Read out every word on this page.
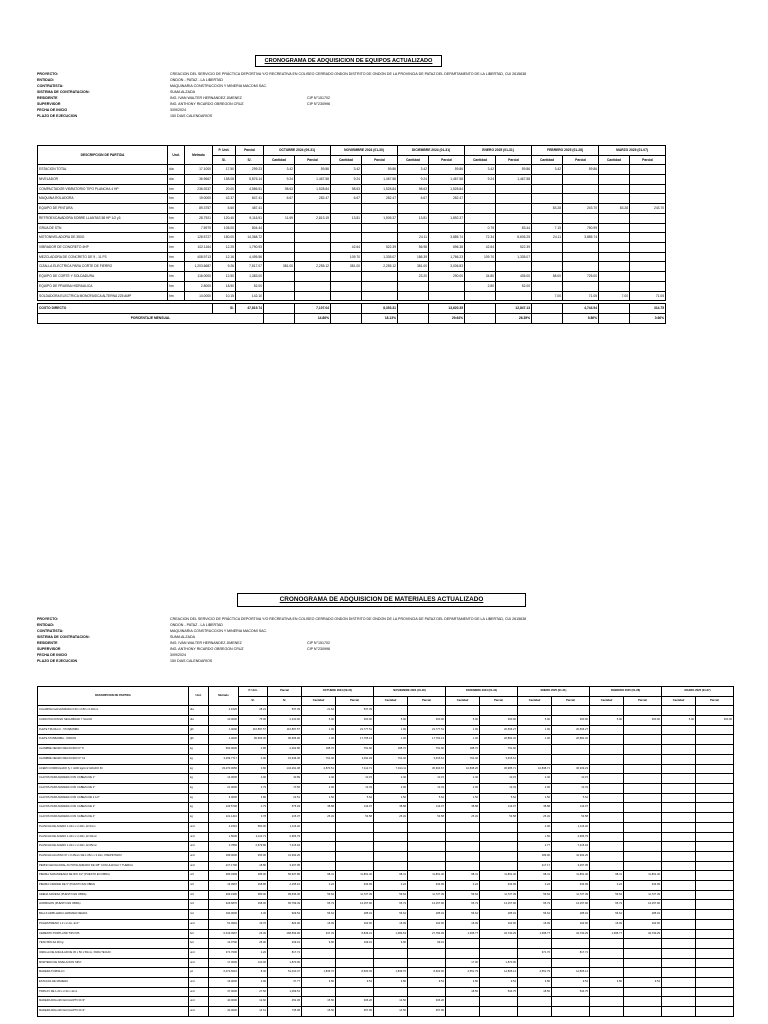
CRONOGRAMA DE ADQUISICION DE EQUIPOS ACTUALIZADO
PROYECTO:	CREACION DEL SERVICIO DE PRÁCTICA DEPORTIVA Y/O RECREATIVA EN COLISEO CERRADO ONDON DISTRITO DE ONDON DE LA PROVINCIA DE PATAZ DEL DEPARTAMENTO DE LA LIBERTAD, CUI 2615638
ENTIDAD:	ONDON - PATAZ - LA LIBERTAD
CONTRATISTA:	MAQUINARIA CONSTRUCCION Y MINERIA MACOMI SAC.
SISTEMA DE CONTRATACION:	SUMA ALZADA
RESIDENTE	ING. IVAN WALTER HERNANDEZ JIMENEZ	CIP N°151702
SUPERVISOR	ING. ANTHONY RICARDO OBREGON CRUZ	CIP N°230996
FECHA DE INICIO	3/09/2024
PLAZO DE EJECUCION	150 DIAS CALENDARIOS
DESCRIPCION DE PARTIDA	Und.	Metrado	P. Unit.	Parcial	OCTUBRE 2024 (09-31)		NOVIEMBRE 2024 (01-30)		DICIEMBRE 2024 (01-31)		ENERO 2025 (01-31)		FEBRERO 2025 (01-28)		MARZO 2025 (01-07)	
			S/.	S/.	Cantidad	Parcial	Cantidad	Parcial	Cantidad	Parcial	Cantidad	Parcial	Cantidad	Parcial	Cantidad	Parcial
ESTACION TOTAL	día	17.1000	17.50	299.23	3.42	59.86	3.42	59.86	3.42	59.86	3.42	59.86	3.42	59.86		
NIVELADOR	día	36.9667	158.08	5,876.14	9.24	1,467.58	9.24	1,467.58	9.24	1,467.58	9.24	1,467.58				
COMPACTADOR VIBRATORIO TIPO PLANCHA 4 HP	hm	236.9237	20.00	4,586.51	98.63	1,528.84	98.63	1,528.84	98.63	1,528.84						
MAQUINA ROLADORA	hm	19.0000	42.37	847.41	6.67	282.47	6.67	282.47	6.67	282.47						
EQUIPO DE PINTURA	hm	89.3757	5.60	487.41									83.28	243.70	83.28	243.70
RETROEXCAVADORA SOBRE LLANTAS 58 HP 1/2 y3	hm	28.7921	120.40	9,116.91	11.69	2,813.19	13.81	1,905.37	13.81	1,892.37						
GRUA DE STN	hm	7.5979	105.00	804.44							0.79	83.44	7.15	750.99		
MOTONIVELADORA DE 350G	hm	128.5727	180.00	14,368.72					24.11	3,885.74	72.34	8,605.25	24.11	3,885.74		
VIBRADOR DE CONCRETO 4HP	hm	102.1164	12.25	1,790.93			42.64	522.39	56.98	696.38	42.64	522.39				
MEZCLADORA DE CONCRETO DE 9 - 11 P3	hm	408.9713	12.16	4,495.56			109.70	1,335.07	186.39	1,766.23	109.70	1,335.07				
CIZALLA ELECTRICA PARA CORTE DE FIERRO	hm	1,203.6687	9.26	7,517.07	381.00	2,255.12	381.00	2,255.12	381.00	3,006.83						
EQUIPO DE CORTE Y SOLDADURA	hm	116.0000	12.50	1,383.00					23.20	290.00	34.80	435.00	58.00	725.00		
EQUIPO DE PRUEBA HIDRAULICA	hm	2.8000	18.50	52.00							2.80	52.00				
SOLDADORA ELECTRICA MONOFASICA ALTERNA 225 AMP	hm	14.0000	10.15	142.10									7.00	71.05	7.00	71.05

COSTO DIRECTO			S/.	47,819.74		7,107.04		8,353.31		13,620.35		12,847.13		4,744.94		314.75
PORCENTAJE MENSUAL						14.86%		18.13%		29.64%		26.39%		9.86%		0.66%
CRONOGRAMA DE ADQUISICION DE MATERIALES ACTUALIZADO
PROYECTO:	CREACION DEL SERVICIO DE PRÁCTICA DEPORTIVA Y/O RECREATIVA EN COLISEO CERRADO ONDON DISTRITO DE ONDON DE LA PROVINCIA DE PATAZ DEL DEPARTAMENTO DE LA LIBERTAD, CUI 2615638
ENTIDAD:	ONDON - PATAZ - LA LIBERTAD
CONTRATISTA:	MAQUINARIA CONSTRUCCION Y MINERIA MACOMI SAC.
SISTEMA DE CONTRATACION:	SUMA ALZADA
RESIDENTE	ING. IVAN WALTER HERNANDEZ JIMENEZ	CIP N°151702
SUPERVISOR	ING. ANTHONY RICARDO OBREGON CRUZ	CIP N°230996
FECHA DE INICIO	3/09/2024
PLAZO DE EJECUCION	150 DIAS CALENDARIOS
DESCRIPCION DE PARTIDA	Und.	Metrado	P. Unit.	Parcial	OCTUBRE 2024 (09-31)		NOVIEMBRE 2024 (01-30)		DICIEMBRE 2024 (01-31)		ENERO 2025 (01-31)		FEBRERO 2025 (01-28)		MARZO 2025 (01-07)	
			S/.	S/.	Cantidad	Parcial	Cantidad	Parcial	Cantidad	Parcial	Cantidad	Parcial	Cantidad	Parcial	Cantidad	Parcial
CALAMINA GALVANIZADA 0.60 x 0.80 x 0.20mm	día	2.1620	28.24	537.39	21.62	537.39										
CAPACITACION EN SEGURIDAD Y SALUD	día	10.0000	75.00	2,310.00	5.00	300.00	5.00	300.00	5.00	300.00	5.00	300.00	5.00	300.00	5.00	300.00
FLETE TRUJILLO - TAYABAMBA	glb	1.0000	116,897.57	116,897.57	1.00	23,777.51	1.00	23,777.51	1.00	20,666.27	1.00	20,666.27				
FLETE TAYABAMBA - ONDON	glb	1.0000	96,666.00	96,666.00	1.00	17,765.13	1.00	17,764.13	1.00	26,882.32	1.00	26,882.32				
ALAMBRE NEGRO RECOCIDO N° 8	kg	500.0000	4.85	2,262.80	188.70	791.60	188.70	791.60	188.70	791.60						
ALAMBRE NEGRO RECOCIDO N° 16	kg	3,259.7717	4.90	15,946.36	791.40	3,811.03	791.40	3,615.61	791.40	3,615.61						
ACERO CORRUGADO fy = 4200 kg/cm2 GRADO 60	kg	33,070.0050	3.80	143,291.08	2,870.51	7,112.71	7,914.11	36,903.67	10,838.26	36,985.71	10,838.71	36,939.23				
CLAVOS PARA MADERA CON CABEZA DE 1"	kg	14.0000	2.90	40.89	2.40	10.15	2.40	10.15	2.40	10.15	2.40	10.15				
CLAVOS PARA MADERA CON CABEZA DE 2"	kg	21.0000	4.79	70.56	2.00	13.33	2.00	13.33	2.00	13.33	2.00	13.33				
CLAVOS PARA MADERA CON CABEZA DE 2 1/2"	kg	6.0000	3.80	22.51	1.50	5.62	1.50	5.62	1.50	5.62	1.50	5.62				
CLAVOS PARA MADERA CON CABEZA DE 3"	kg	103.5706	4.79	575.93	38.88	143.97	38.88	143.97	38.88	143.97	38.88	143.97				
CLAVOS PARA MADERA CON CABEZA DE 4"	kg	101.1410	3.78	215.37	25.32	53.58	25.32	53.58	25.32	53.58	25.32	53.58				
PLANCHA DE ACERO 1.22m x 2.40m, E=3mm	und	2.1510	560.00	1,116.20							2.00	1,116.20				
PLANCHA DE ACERO 1.22m x 2.40m, E=10mm	und	1.5000	2,110.73	2,966.79							1.50	2,966.79				
PLANCHA DE ACERO 1.22m x 2.40m, E=25mm	und	2.7860	2,679.80	7,415.94							2.77	7,415.94				
PLANCHA ALUZINC 97 x 0.45mm DE 1.05m x 3.10m, PREPINTADO	und	189.0000	250.00	41,392.26							189.00	41,392.26				
PERNO HEXAGONAL AUTOTALADRADO DE 3/8" CON HUACHA Y TUERCA	und	217.1700	18.80	3,207.95							217.17	3,207.95				
PIEDRA SARANDEADA DE RIO 1/2" (PUESTO EN OBRA)	m3	283.0399	186.00	56,937.86	98.41	11,861.40	98.41	11,861.40	98.41	11,861.40	98.41	11,861.40	98.41	11,861.40		
PIEDRA GRANDE DE 6" (PUESTO EN OBRA)	m3	16.0997	108.85	2,155.10	3.22	643.99	3.22	643.99	3.22	643.99	3.22	643.99	3.22	643.99		
ARENA GRUESA (PUESTO EN OBRA)	m3	293.1900	380.00	99,536.36	59.64	11,727.39	59.64	11,727.39	59.64	11,727.39	59.64	11,727.39	59.64	11,727.39		
HORMIGON (PUESTO EN OBRA)	m3	329.6870	168.00	65,799.49	65.79	13,157.90	65.79	13,157.90	65.79	13,157.90	65.79	13,157.90	65.79	13,157.90		
BALLS ARPILLERA LAMINADA NEGRA	m2	190.0000	3.30	929.54	56.64	185.91	56.64	185.91	56.64	185.91	56.64	185.91	56.64	185.91		
POLIESTIRENO 1.2 x 2.4m, E=1"	und	51.0994	19.76	824.00	16.99	162.60	16.99	162.60	16.99	162.60	16.99	162.60	16.99	162.60		
CEMENTO PORTLAND TIPO MS	bol	6,443.0967	26.30	168,592.00	337.33	8,846.31	1,089.63	27,784.09	1,395.77	34,730.29	1,395.77	34,730.29	1,395.77	34,730.29		
YESO BOLSA 28 kg	bol	14.0700	25.00	339.91	9.90	199.91	9.90	99.91								
VARILLA DE ANGULAR DE 45 x 50 x 50mm, PARA TECHO	und	371.7000	2.20	817.74							371.70	817.74				
MORTERO DE NIVELACION SIKO	und	17.0000	110.00	1,870.00					17.00	1,870.00						
MADERA TORNILLO	p2	6,072.6610	8.40	51,010.47	1,836.70	8,600.39	1,839.70	8,602.60	2,551.79	12,805.14	2,551.79	12,805.14				
ESTACAS DE MADERA	und	19.0000	2.90	37.77	3.80	9.54	3.80	9.54	3.80	9.54	3.80	9.54	3.80	9.54		
TRIPLAY DE 1.20 x 2.44 x 4mm	und	37.0000	27.50	1,069.51					18.50	534.75	18.50	534.75				
MADERA ROLLIZO EUCALIPTO D=3"	und	40.0000	12.60	452.36	15.50	306.20	14.50	306.20								
MADERA ROLLIZO EUCALIPTO D=4"	und	40.0000	14.61	735.08	15.50	367.99	14.50	367.99								
